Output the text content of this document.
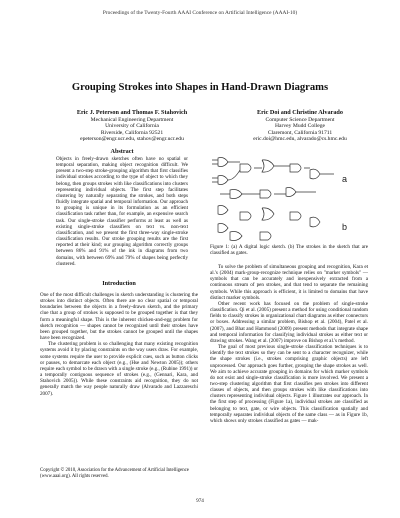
Proceedings of the Twenty-Fourth AAAI Conference on Artificial Intelligence (AAAI-10)
Grouping Strokes into Shapes in Hand-Drawn Diagrams
Eric J. Peterson and Thomas F. Stahovich
Mechanical Engineering Department
University of California
Riverside, California 92521
epeterson@engr.ucr.edu, stahov@engr.ucr.edu
Eric Doi and Christine Alvarado
Computer Science Department
Harvey Mudd College
Claremont, California 91711
eric.doi@hmc.edu, alvarado@cs.hmc.edu
Abstract

Objects in freely-drawn sketches often have no spatial or temporal separation, making object recognition difficult. We present a two-step stroke-grouping algorithm that first classifies individual strokes according to the type of object to which they belong, then groups strokes with like classifications into clusters representing individual objects. The first step facilitates clustering by naturally separating the strokes, and both steps fluidly integrate spatial and temporal information. Our approach to grouping is unique in its formulation as an efficient classification task rather than, for example, an expensive search task. Our single-stroke classifier performs at least as well as existing single-stroke classifiers on text vs. non-text classification, and we present the first three-way single-stroke classification results. Our stroke grouping results are the first reported at their kind; our grouping algorithm correctly groups between 86% and 91% of the ink in diagrams from two domains, with between 69% and 79% of shapes being perfectly clustered.

Introduction

One of the most difficult challenges in sketch understanding is clustering the strokes into distinct objects. Often there are no clear spatial or temporal boundaries between the objects in a freely-drawn sketch, and the primary clue that a group of strokes is supposed to be grouped together is that they form a meaningful shape. This is the inherent chicken-and-egg problem for sketch recognition — shapes cannot be recognized until their strokes have been grouped together, but the strokes cannot be grouped until the shapes have been recognized.

The clustering problem is so challenging that many existing recognition systems avoid it by placing constraints on the way users draw. For example, some systems require the user to provide explicit cues, such as button clicks or pauses, to demarcate each object (e.g., (Hse and Newton 2005)); others require each symbol to be drawn with a single stroke (e.g., (Rubine 1991)) or a temporally contiguous sequence of strokes (e.g., (Gennari, Kara, and Stahovich 2005)). While these constraints aid recognition, they do not generally match the way people naturally draw (Alvarado and Lazzareschi 2007).

Copyright © 2010, Association for the Advancement of Artificial Intelligence (www.aaai.org). All rights reserved.
a
b
Figure 1: (a) A digital logic sketch. (b) The strokes in the sketch that are classified as gates.

To solve the problem of simultaneous grouping and recognition, Kara et al.'s (2004) mark-group-recognize technique relies on "marker symbols" — symbols that can be accurately and inexpensively extracted from a continuous stream of pen strokes, and that tend to separate the remaining symbols. While this approach is efficient, it is limited to domains that have distinct marker symbols.

Other recent work has focused on the problem of single-stroke classification. Qi et al. (2005) present a method for using conditional random fields to classify strokes in organizational chart diagrams as either connectors or boxes. Addressing a similar problem, Bishop et al. (2004), Patel et al. (2007), and Bhat and Hammond (2009) present methods that integrate shape and temporal information for classifying individual strokes as either text or drawing strokes. Wang et al. (2007) improve on Bishop et al.'s method.

The goal of most previous single-stroke classification techniques is to identify the text strokes so they can be sent to a character recognizer, while the shape strokes (i.e., strokes comprising graphic objects) are left unprocessed. Our approach goes further, grouping the shape strokes as well. We aim to achieve accurate grouping in domains for which marker symbols do not exist and single-stroke classification is more involved. We present a two-step clustering algorithm that first classifies pen strokes into different classes of objects, and then groups strokes with like classifications into clusters representing individual objects. Figure 1 illustrates our approach. In the first step of processing (Figure 1a), individual strokes are classified as belonging to text, gate, or wire objects. This classification spatially and temporally separates individual objects of the same class — as in Figure 1b, which shows only strokes classified as gates — mak-

974
